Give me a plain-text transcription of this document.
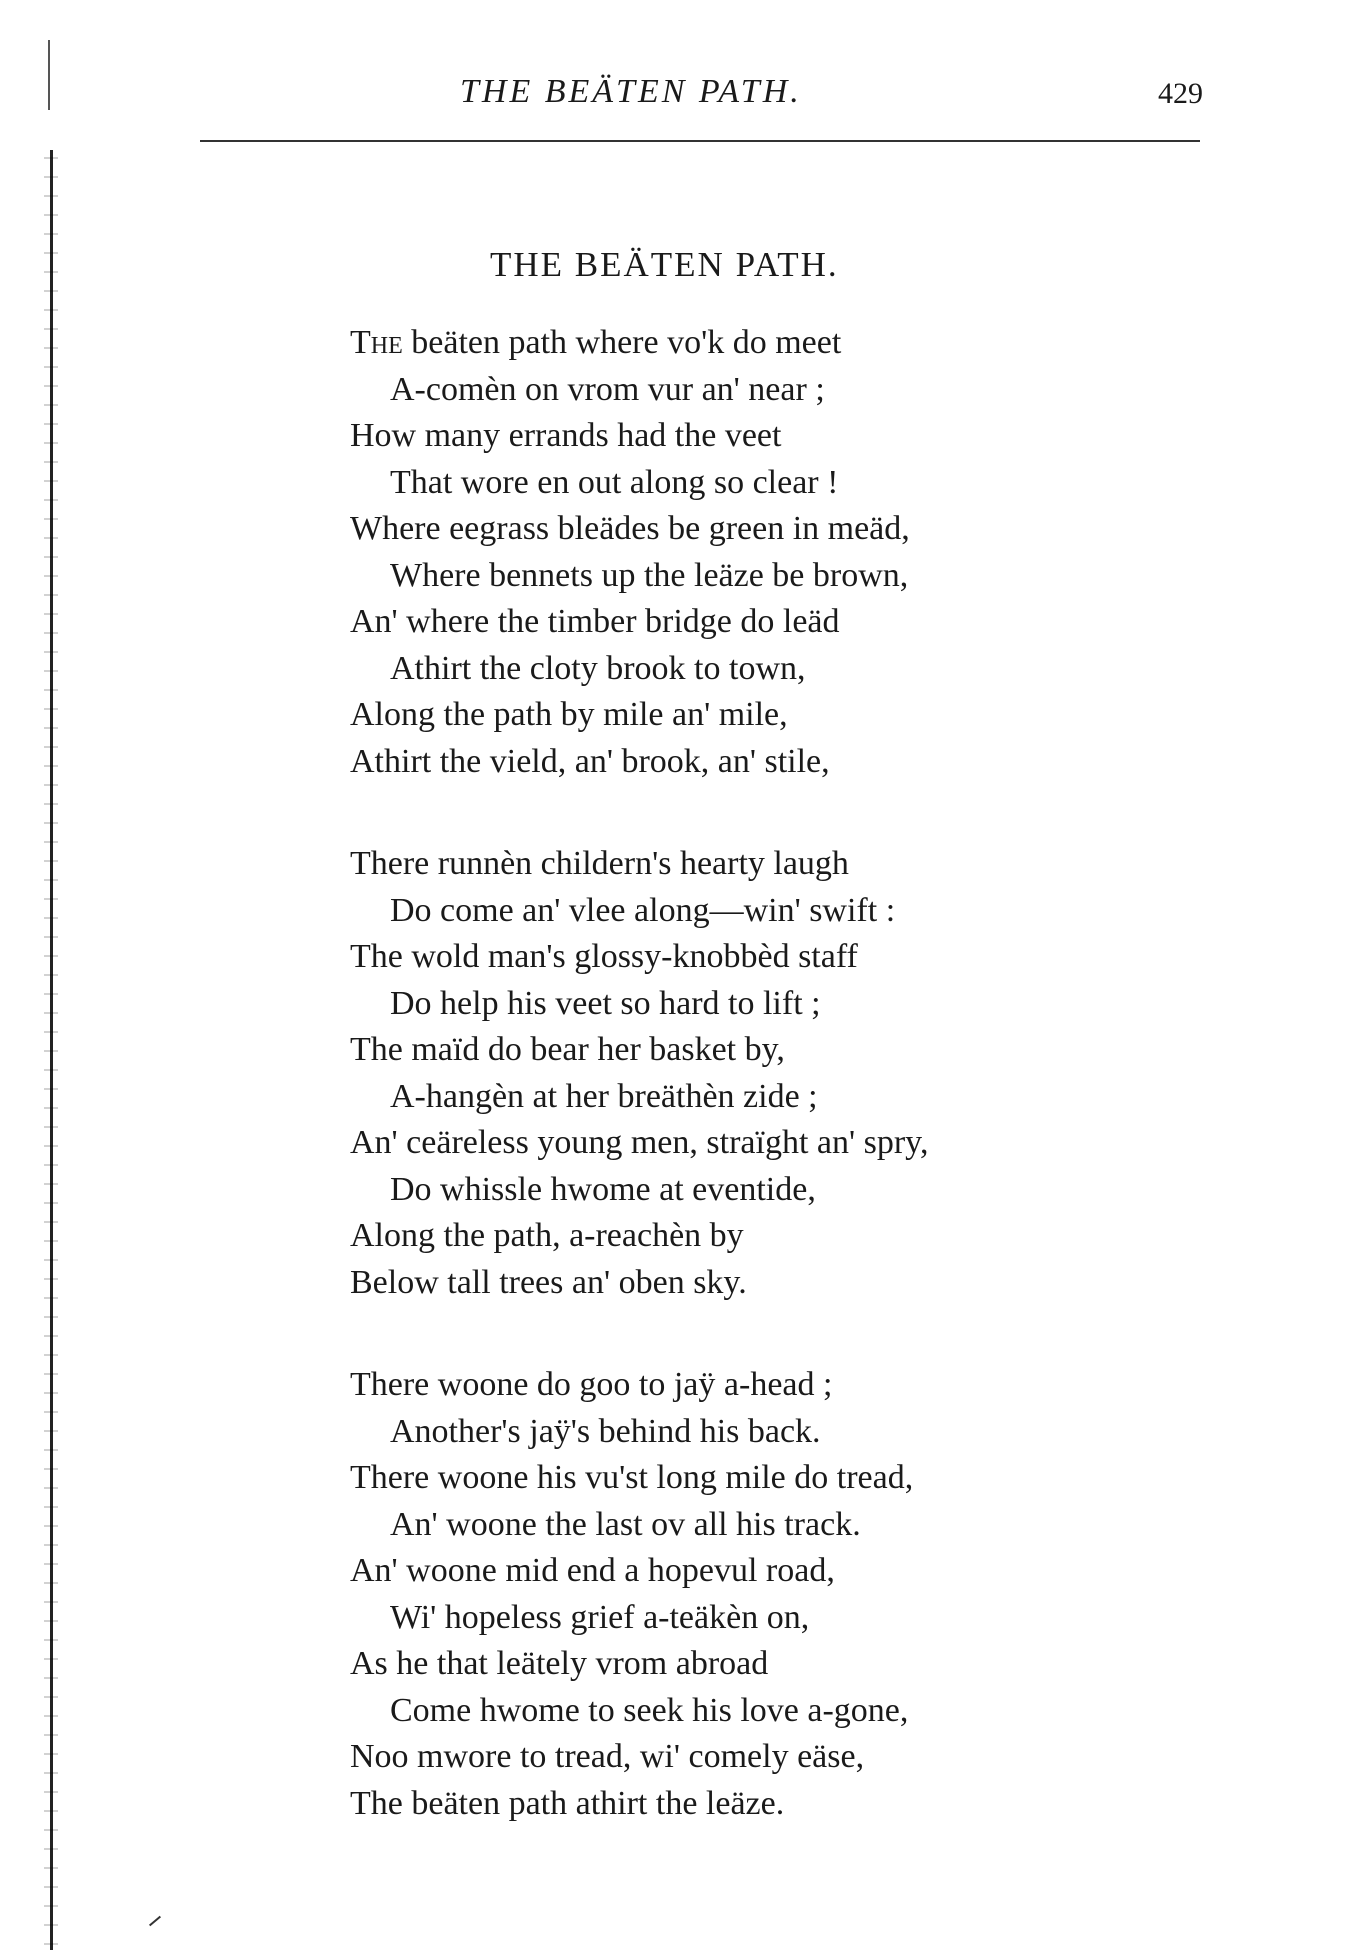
THE BEÄTEN PATH.	429
THE BEÄTEN PATH.
The beäten path where vo'k do meet
A-comèn on vrom vur an' near ;
How many errands had the veet
That wore en out along so clear !
Where eegrass bleädes be green in meäd,
Where bennets up the leäze be brown,
An' where the timber bridge do leäd
Athirt the cloty brook to town,
Along the path by mile an' mile,
Athirt the vield, an' brook, an' stile,
There runnèn childern's hearty laugh
Do come an' vlee along—win' swift :
The wold man's glossy-knobbèd staff
Do help his veet so hard to lift ;
The maïd do bear her basket by,
A-hangèn at her breäthèn zide ;
An' ceäreless young men, straïght an' spry,
Do whissle hwome at eventide,
Along the path, a-reachèn by
Below tall trees an' oben sky.
There woone do goo to jaÿ a-head ;
Another's jaÿ's behind his back.
There woone his vu'st long mile do tread,
An' woone the last ov all his track.
An' woone mid end a hopevul road,
Wi' hopeless grief a-teäkèn on,
As he that leätely vrom abroad
Come hwome to seek his love a-gone,
Noo mwore to tread, wi' comely eäse,
The beäten path athirt the leäze.
